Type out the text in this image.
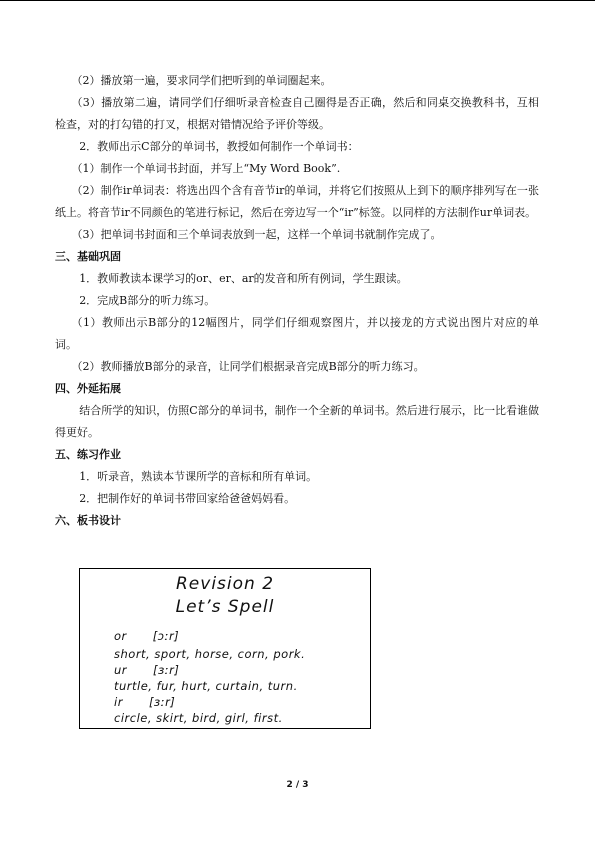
（2）播放第一遍，要求同学们把听到的单词圈起来。

（3）播放第二遍，请同学们仔细听录音检查自己圈得是否正确，然后和同桌交换教科书，互相检查，对的打勾错的打叉，根据对错情况给予评价等级。

2．教师出示C部分的单词书，教授如何制作一个单词书：

（1）制作一个单词书封面，并写上“My Word Book”.

（2）制作ir单词表：将选出四个含有音节ir的单词，并将它们按照从上到下的顺序排列写在一张纸上。将音节ir不同颜色的笔进行标记，然后在旁边写一个“ir”标签。以同样的方法制作ur单词表。

（3）把单词书封面和三个单词表放到一起，这样一个单词书就制作完成了。

三、基础巩固

1．教师教读本课学习的or、er、ar的发音和所有例词，学生跟读。

2．完成B部分的听力练习。

（1）教师出示B部分的12幅图片，同学们仔细观察图片，并以接龙的方式说出图片对应的单词。

（2）教师播放B部分的录音，让同学们根据录音完成B部分的听力练习。

四、外延拓展

结合所学的知识，仿照C部分的单词书，制作一个全新的单词书。然后进行展示，比一比看谁做得更好。

五、练习作业

1．听录音，熟读本节课所学的音标和所有单词。

2．把制作好的单词书带回家给爸爸妈妈看。

六、板书设计

Revision 2
Let’s Spell
or [ɔːr]
short, sport, horse, corn, pork.
ur [ɜːr]
turtle, fur, hurt, curtain, turn.
ir [ɜːr]
circle, skirt, bird, girl, first.
2 / 3
